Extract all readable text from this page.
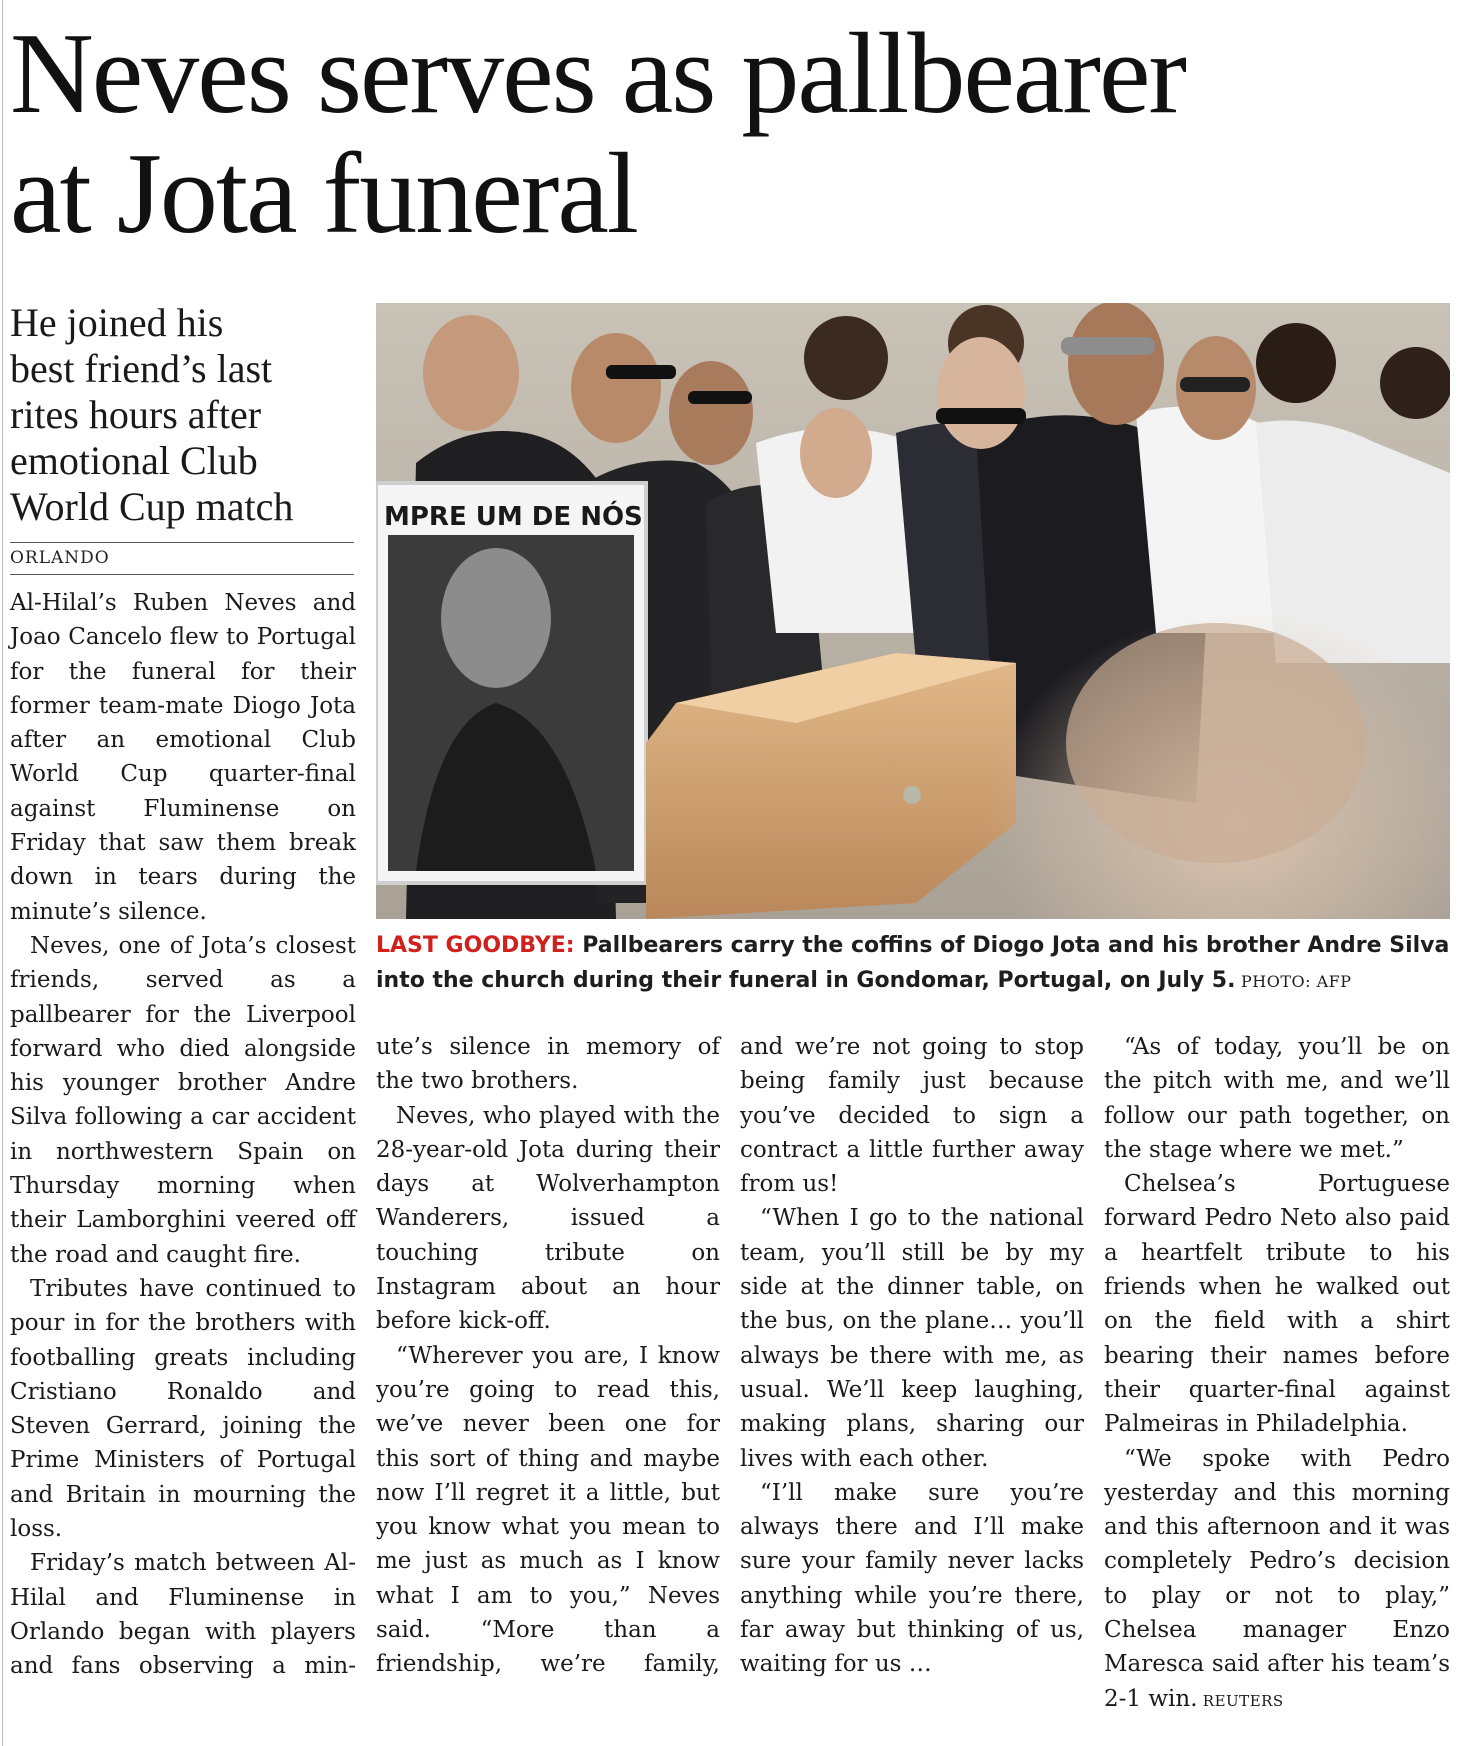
Neves serves as pallbearer
at Jota funeral
He joined his
best friend’s last
rites hours after
emotional Club
World Cup match
ORLANDO

Al-Hilal’s Ruben Neves and Joao Cancelo flew to Portugal for the funeral for their former team-mate Diogo Jota after an emotional Club World Cup quarter-final against Fluminense on Friday that saw them break down in tears during the minute’s silence.

Neves, one of Jota’s closest friends, served as a pallbearer for the Liverpool forward who died alongside his younger brother Andre Silva following a car accident in northwestern Spain on Thursday morning when their Lamborghini veered off the road and caught fire.

Tributes have continued to pour in for the brothers with footballing greats including Cristiano Ronaldo and Steven Gerrard, joining the Prime Ministers of Portugal and Britain in mourning the loss.

Friday’s match between Al-Hilal and Fluminense in Orlando began with players and fans observing a min-

MPRE UM DE NÓS
LAST GOODBYE: Pallbearers carry the coffins of Diogo Jota and his brother Andre Silva into the church during their funeral in Gondomar, Portugal, on July 5. PHOTO: AFP

ute’s silence in memory of the two brothers.

Neves, who played with the 28-year-old Jota during their days at Wolverhampton Wanderers, issued a touching tribute on Instagram about an hour before kick-off.

“Wherever you are, I know you’re going to read this, we’ve never been one for this sort of thing and maybe now I’ll regret it a little, but you know what you mean to me just as much as I know what I am to you,” Neves said. “More than a friendship, we’re family,

and we’re not going to stop being family just because you’ve decided to sign a contract a little further away from us!

“When I go to the national team, you’ll still be by my side at the dinner table, on the bus, on the plane… you’ll always be there with me, as usual. We’ll keep laughing, making plans, sharing our lives with each other.

“I’ll make sure you’re always there and I’ll make sure your family never lacks anything while you’re there, far away but thinking of us, waiting for us …

“As of today, you’ll be on the pitch with me, and we’ll follow our path together, on the stage where we met.”

Chelsea’s Portuguese forward Pedro Neto also paid a heartfelt tribute to his friends when he walked out on the field with a shirt bearing their names before their quarter-final against Palmeiras in Philadelphia.

“We spoke with Pedro yesterday and this morning and this afternoon and it was completely Pedro’s decision to play or not to play,” Chelsea manager Enzo Maresca said after his team’s 2-1 win. REUTERS
